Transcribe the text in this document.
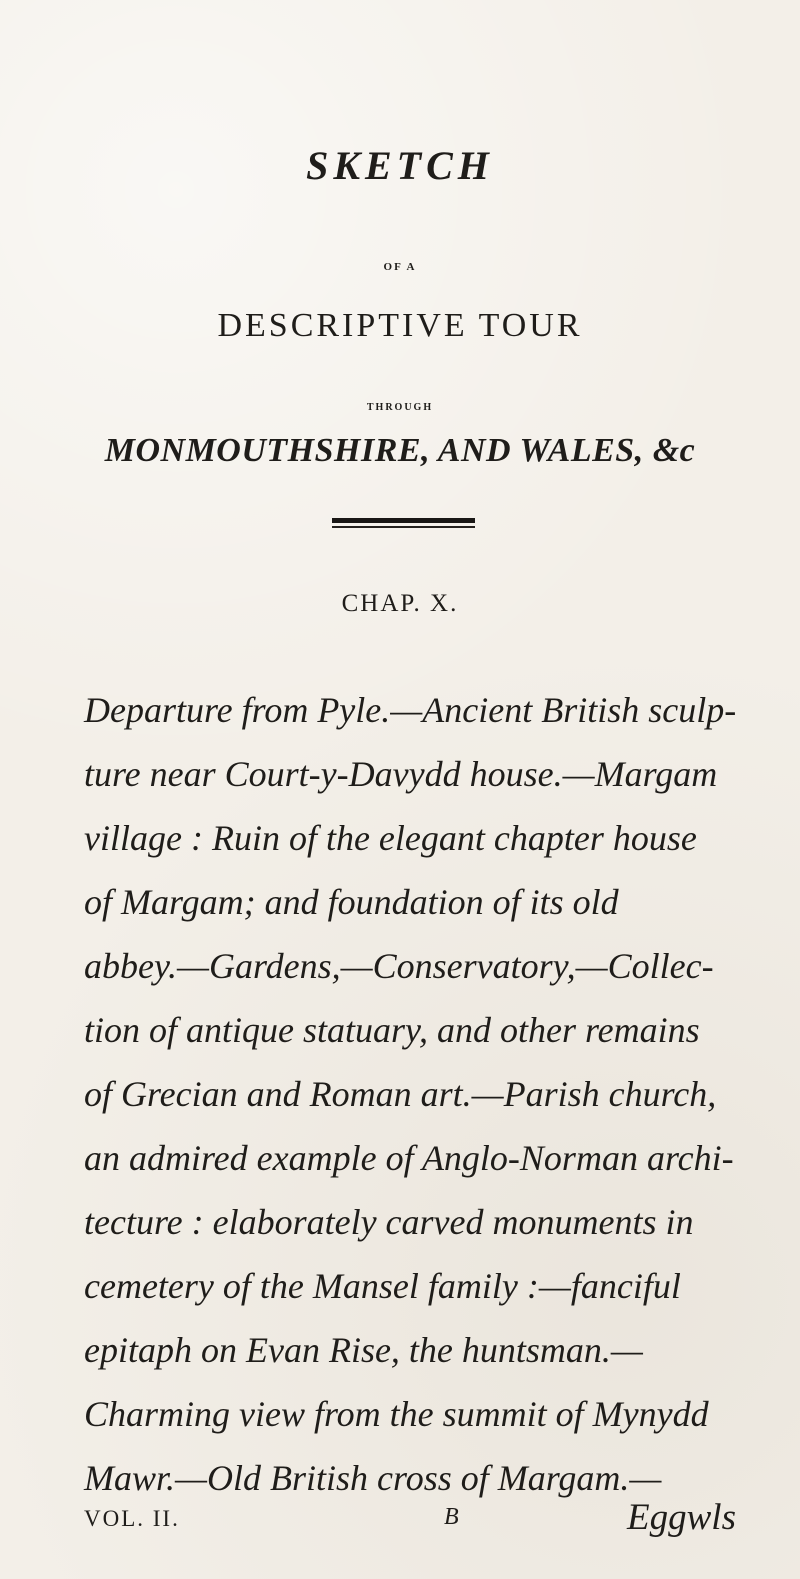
SKETCH
OF A
DESCRIPTIVE TOUR
THROUGH
MONMOUTHSHIRE, AND WALES, &c
CHAP. X.
Departure from Pyle.—Ancient British sculp-
ture near Court-y-Davydd house.—Margam
village : Ruin of the elegant chapter house
of Margam; and foundation of its old
abbey.—Gardens,—Conservatory,—Collec-
tion of antique statuary, and other remains
of Grecian and Roman art.—Parish church,
an admired example of Anglo-Norman archi-
tecture : elaborately carved monuments in
cemetery of the Mansel family :—fanciful
epitaph on Evan Rise, the huntsman.—
Charming view from the summit of Mynydd
Mawr.—Old British cross of Margam.—
VOL. II.	B	Eggwls
